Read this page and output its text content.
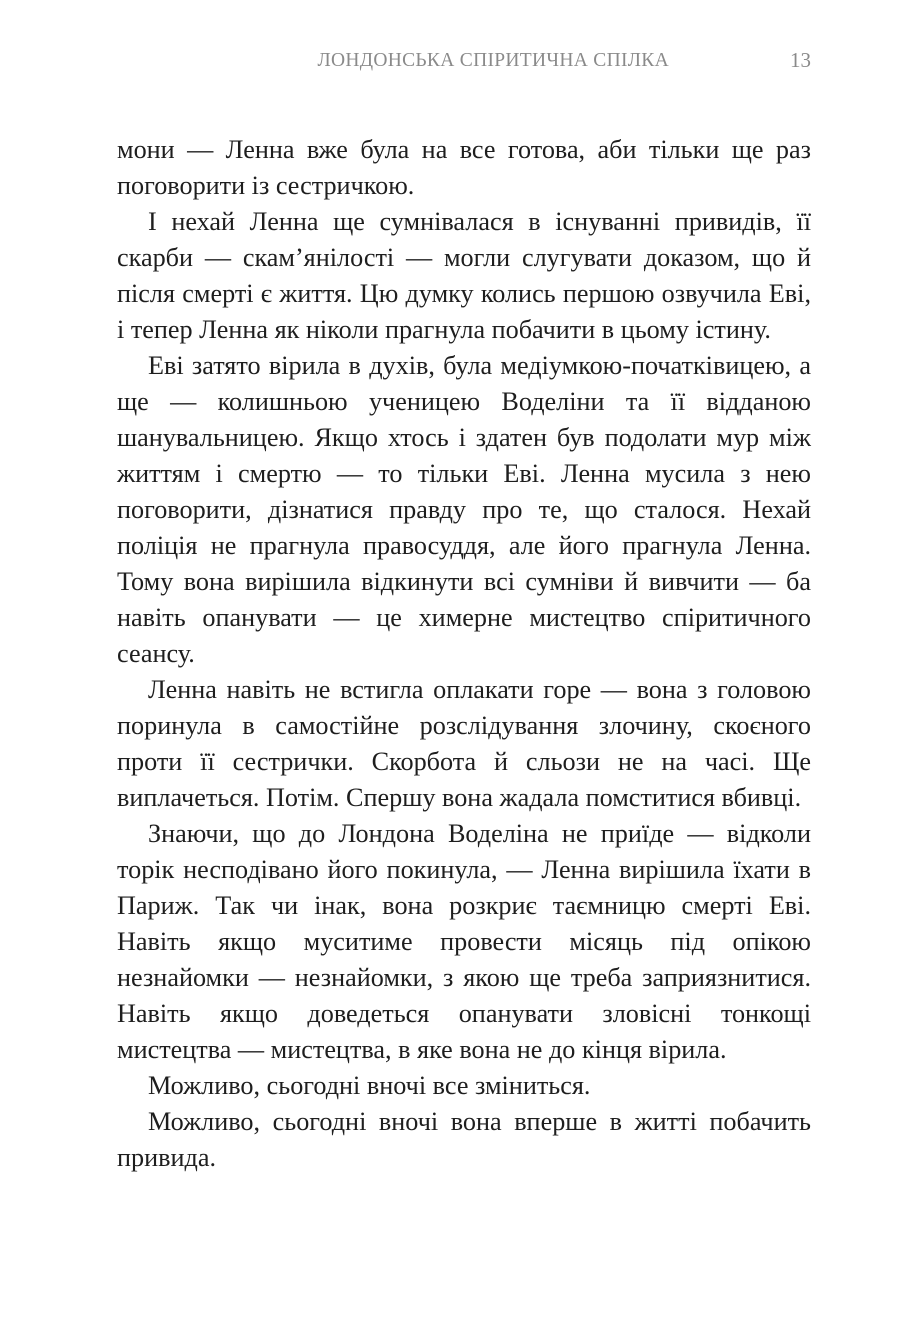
ЛОНДОНСЬКА СПІРИТИЧНА СПІЛКА	13

мони — Ленна вже була на все готова, аби тільки ще раз поговорити із сестричкою.

І нехай Ленна ще сумнівалася в існуванні привидів, її скарби — скам’янілості — могли слугувати доказом, що й після смерті є життя. Цю думку колись першою озвучила Еві, і тепер Ленна як ніколи прагнула побачити в цьому істину.

Еві затято вірила в духів, була медіумкою-початківицею, а ще — колишньою ученицею Воделіни та її відданою шанувальницею. Якщо хтось і здатен був подолати мур між життям і смертю — то тільки Еві. Ленна мусила з нею поговорити, дізнатися правду про те, що сталося. Нехай поліція не прагнула правосуддя, але його прагнула Ленна. Тому вона вирішила відкинути всі сумніви й вивчити — ба навіть опанувати — це химерне мистецтво спіритичного сеансу.

Ленна навіть не встигла оплакати горе — вона з головою поринула в самостійне розслідування злочину, скоєного проти її сестрички. Скорбота й сльози не на часі. Ще виплачеться. Потім. Спершу вона жадала помститися вбивці.

Знаючи, що до Лондона Воделіна не приїде — відколи торік несподівано його покинула, — Ленна вирішила їхати в Париж. Так чи інак, вона розкриє таємницю смерті Еві. Навіть якщо муситиме провести місяць під опікою незнайомки — незнайомки, з якою ще треба заприязнитися. Навіть якщо доведеться опанувати зловісні тонкощі мистецтва — мистецтва, в яке вона не до кінця вірила.

Можливо, сьогодні вночі все зміниться.

Можливо, сьогодні вночі вона вперше в житті побачить привида.
